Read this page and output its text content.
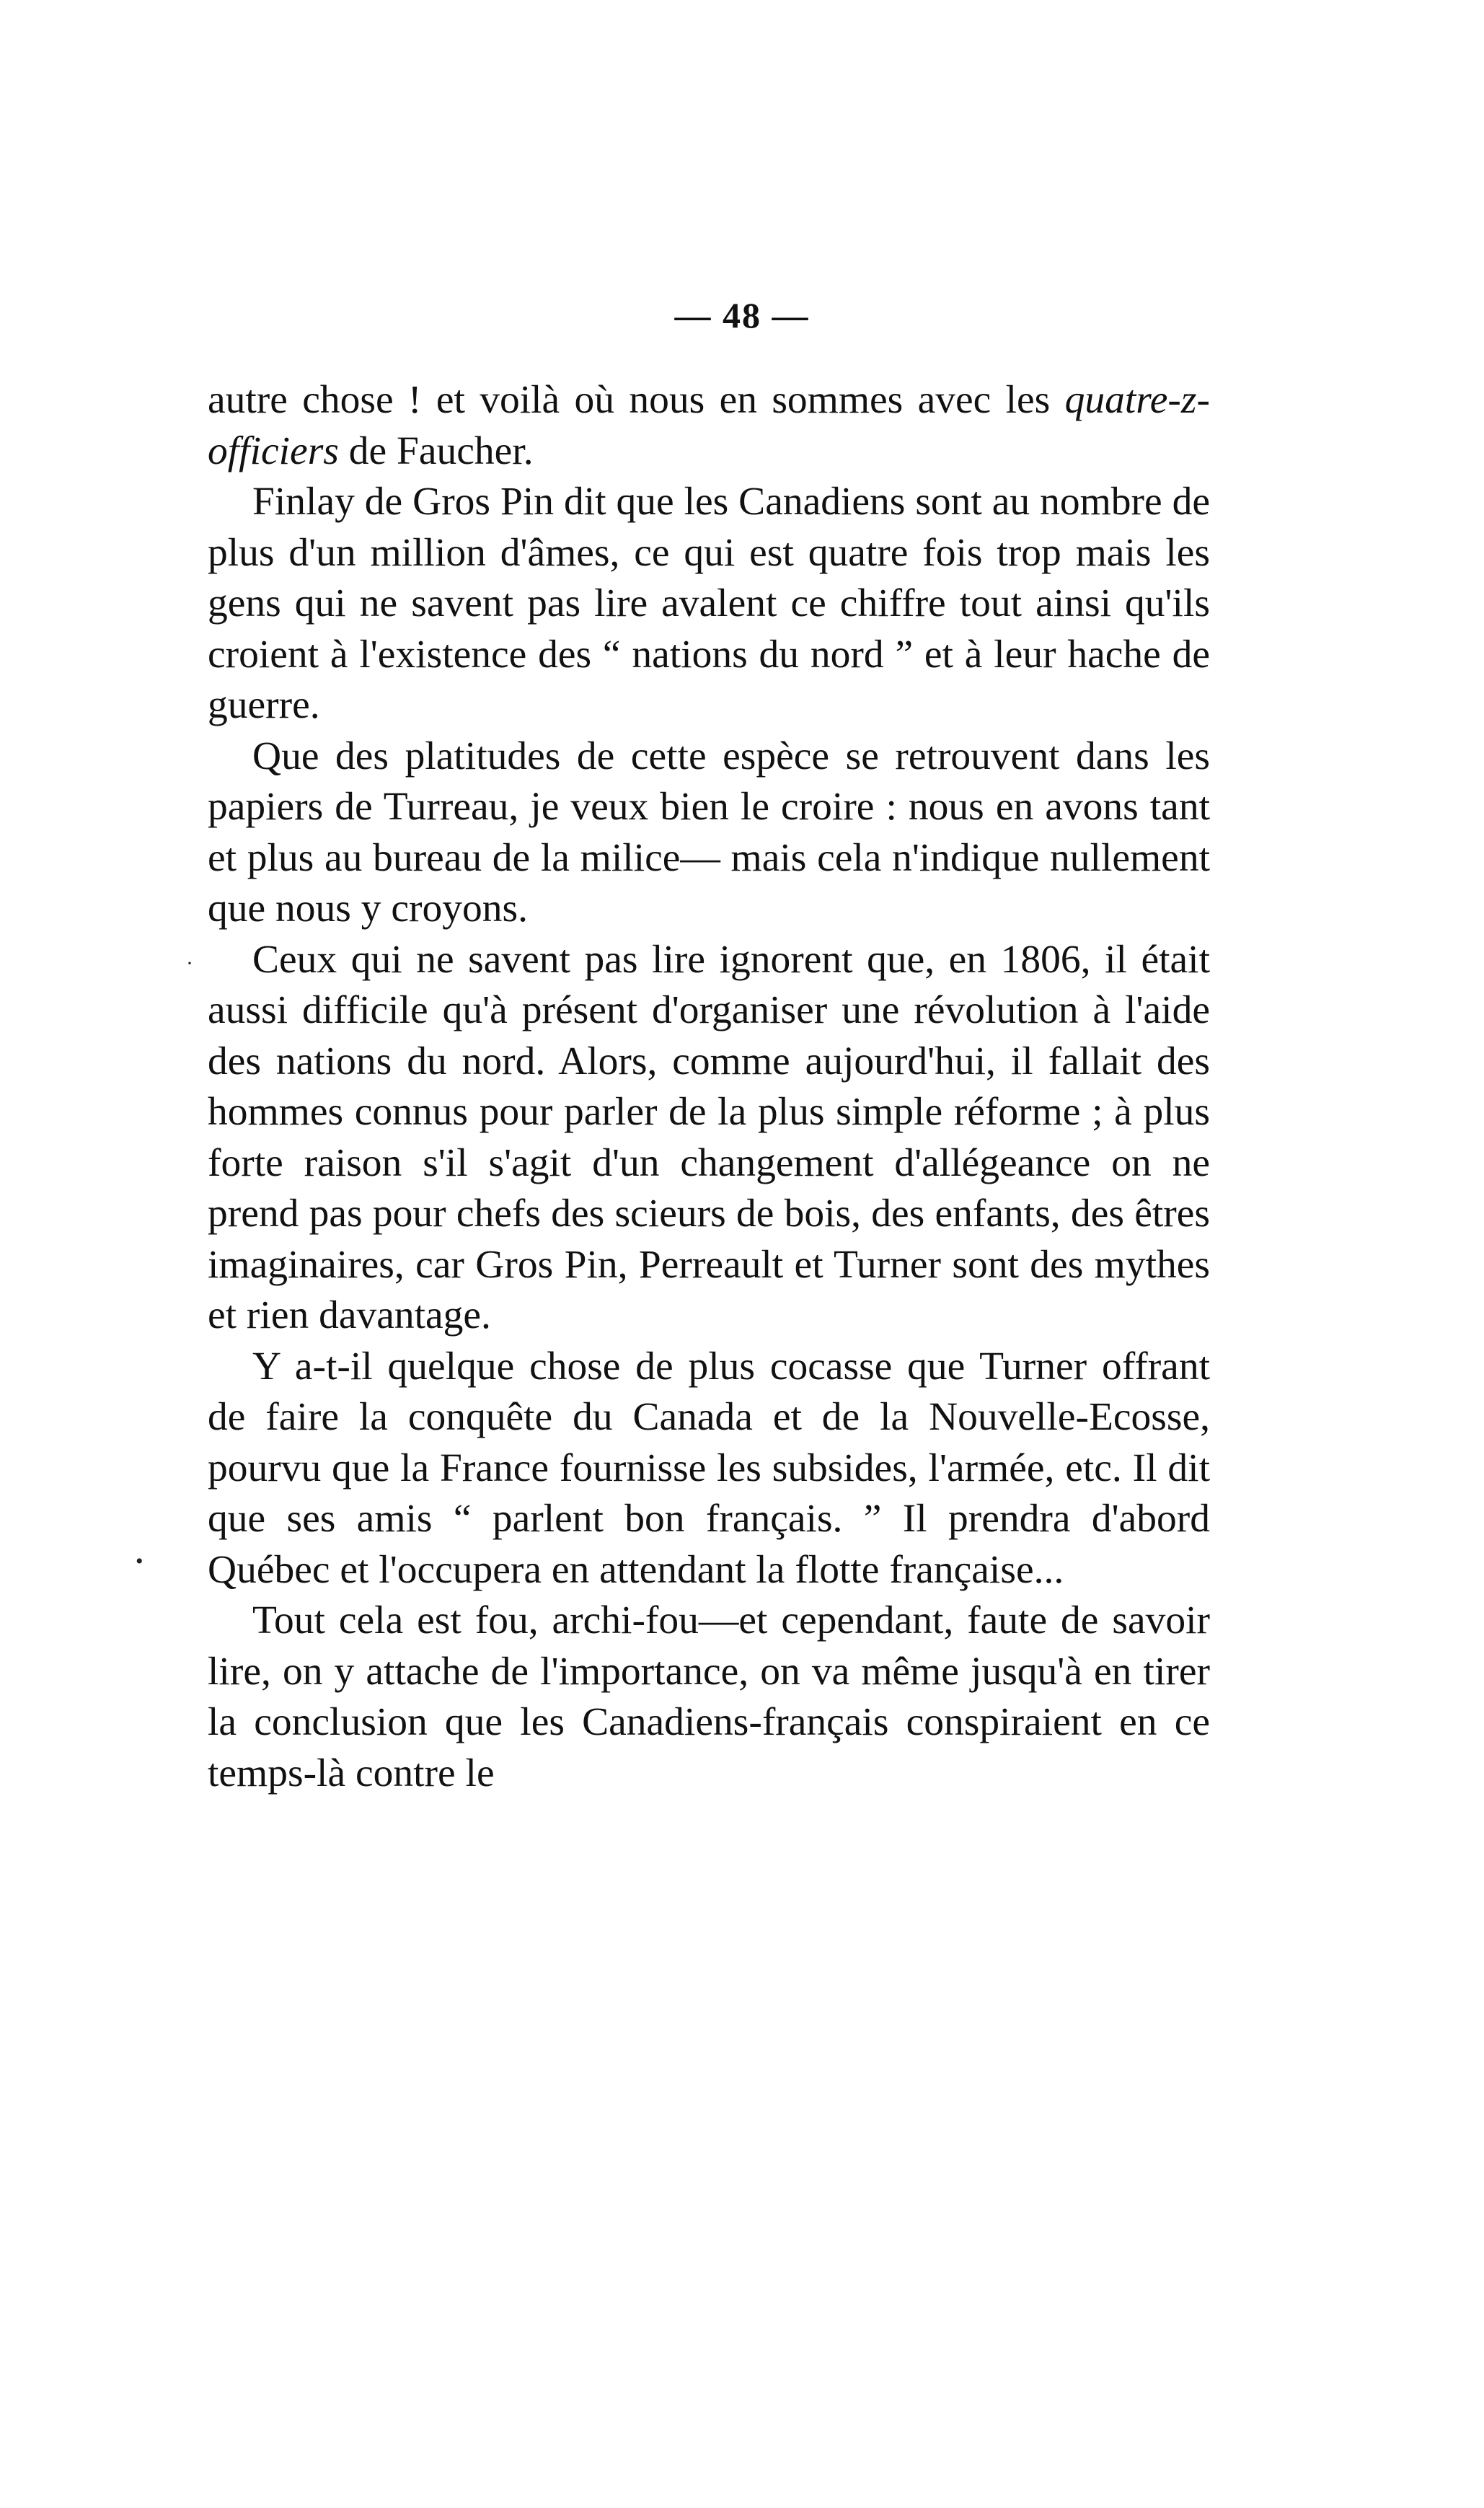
— 48 —
·
•

autre chose ! et voilà où nous en sommes avec les quatre-z-officiers de Faucher.

Finlay de Gros Pin dit que les Canadiens sont au nombre de plus d'un million d'âmes, ce qui est quatre fois trop mais les gens qui ne savent pas lire avalent ce chiffre tout ainsi qu'ils croient à l'existence des “ nations du nord ” et à leur hache de guerre.

Que des platitudes de cette espèce se retrouvent dans les papiers de Turreau, je veux bien le croire : nous en avons tant et plus au bureau de la milice— mais cela n'indique nullement que nous y croyons.

Ceux qui ne savent pas lire ignorent que, en 1806, il était aussi difficile qu'à présent d'organiser une révolution à l'aide des nations du nord. Alors, comme aujourd'hui, il fallait des hommes connus pour parler de la plus simple réforme ; à plus forte raison s'il s'agit d'un changement d'allégeance on ne prend pas pour chefs des scieurs de bois, des enfants, des êtres imaginaires, car Gros Pin, Perreault et Turner sont des mythes et rien davantage.

Y a-t-il quelque chose de plus cocasse que Turner offrant de faire la conquête du Canada et de la Nouvelle-Ecosse, pourvu que la France fournisse les subsides, l'armée, etc. Il dit que ses amis “ parlent bon français. ” Il prendra d'abord Québec et l'occupera en attendant la flotte française...

Tout cela est fou, archi-fou—et cependant, faute de savoir lire, on y attache de l'importance, on va même jusqu'à en tirer la conclusion que les Canadiens-français conspiraient en ce temps-là contre le
